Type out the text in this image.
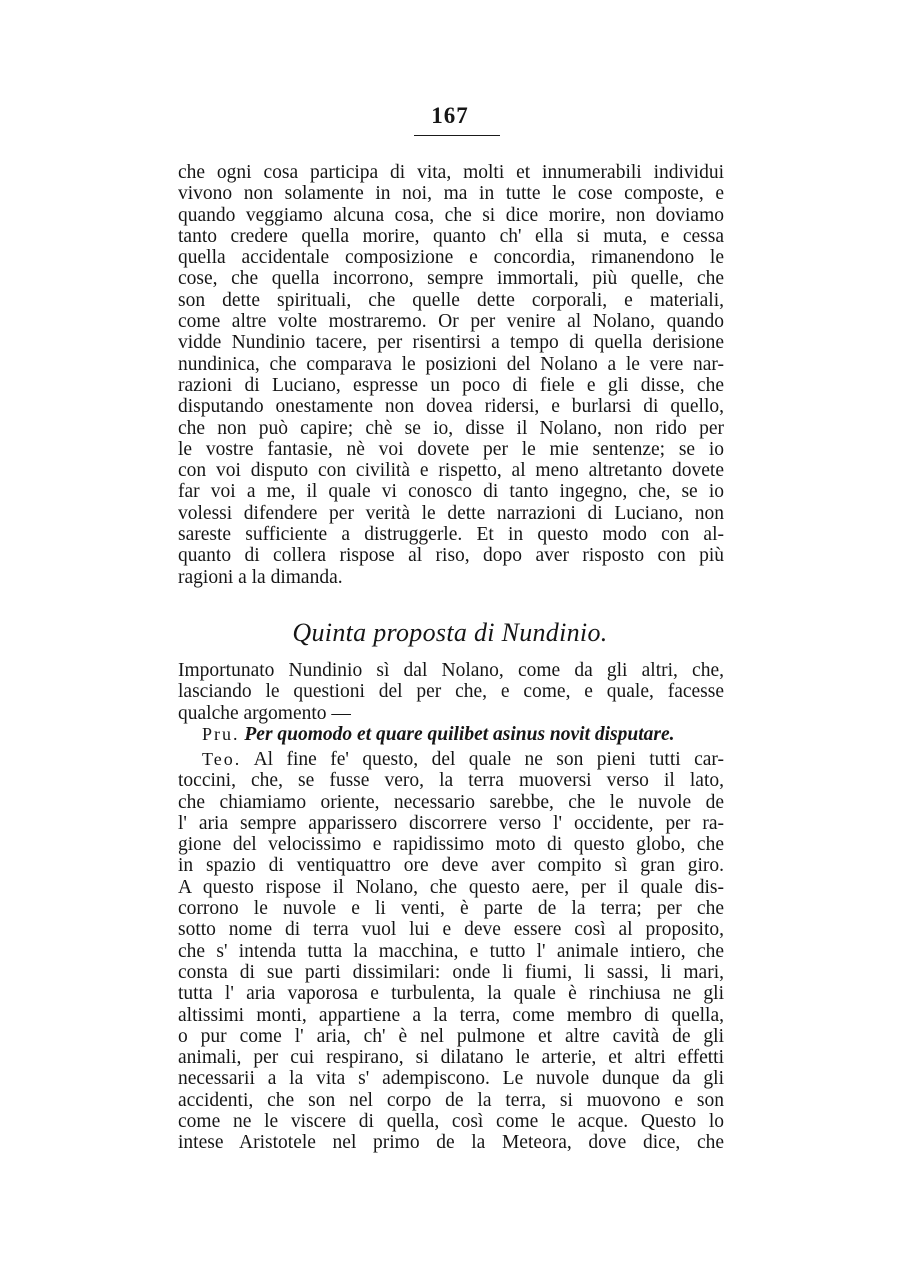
167
che ogni cosa participa di vita, molti et innumerabili individui
vivono non solamente in noi, ma in tutte le cose composte, e
quando veggiamo alcuna cosa, che si dice morire, non doviamo
tanto credere quella morire, quanto ch' ella si muta, e cessa
quella accidentale composizione e concordia, rimanendono le
cose, che quella incorrono, sempre immortali, più quelle, che
son dette spirituali, che quelle dette corporali, e materiali,
come altre volte mostraremo. Or per venire al Nolano, quando
vidde Nundinio tacere, per risentirsi a tempo di quella derisione
nundinica, che comparava le posizioni del Nolano a le vere nar-
razioni di Luciano, espresse un poco di fiele e gli disse, che
disputando onestamente non dovea ridersi, e burlarsi di quello,
che non può capire; chè se io, disse il Nolano, non rido per
le vostre fantasie, nè voi dovete per le mie sentenze; se io
con voi disputo con civilità e rispetto, al meno altretanto dovete
far voi a me, il quale vi conosco di tanto ingegno, che, se io
volessi difendere per verità le dette narrazioni di Luciano, non
sareste sufficiente a distruggerle. Et in questo modo con al-
quanto di collera rispose al riso, dopo aver risposto con più
ragioni a la dimanda.
Quinta proposta di Nundinio.
Importunato Nundinio sì dal Nolano, come da gli altri, che,
lasciando le questioni del per che, e come, e quale, facesse
qualche argomento —
Pru. Per quomodo et quare quilibet asinus novit disputare.
Teo. Al fine fe' questo, del quale ne son pieni tutti car-
toccini, che, se fusse vero, la terra muoversi verso il lato,
che chiamiamo oriente, necessario sarebbe, che le nuvole de
l' aria sempre apparissero discorrere verso l' occidente, per ra-
gione del velocissimo e rapidissimo moto di questo globo, che
in spazio di ventiquattro ore deve aver compito sì gran giro.
A questo rispose il Nolano, che questo aere, per il quale dis-
corrono le nuvole e li venti, è parte de la terra; per che
sotto nome di terra vuol lui e deve essere così al proposito,
che s' intenda tutta la macchina, e tutto l' animale intiero, che
consta di sue parti dissimilari: onde li fiumi, li sassi, li mari,
tutta l' aria vaporosa e turbulenta, la quale è rinchiusa ne gli
altissimi monti, appartiene a la terra, come membro di quella,
o pur come l' aria, ch' è nel pulmone et altre cavità de gli
animali, per cui respirano, si dilatano le arterie, et altri effetti
necessarii a la vita s' adempiscono. Le nuvole dunque da gli
accidenti, che son nel corpo de la terra, si muovono e son
come ne le viscere di quella, così come le acque. Questo lo
intese Aristotele nel primo de la Meteora, dove dice, che
